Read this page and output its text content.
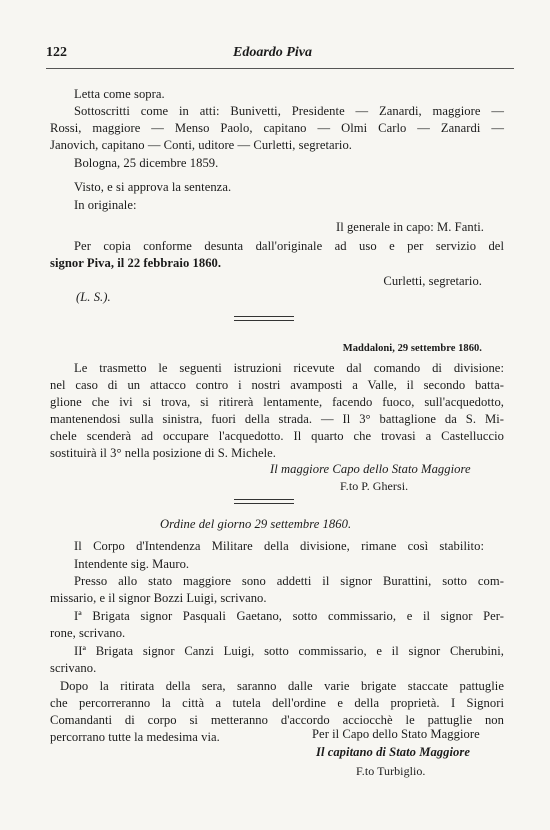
122	Edoardo Piva
Letta come sopra.
Sottoscritti come in atti: Bunivetti, Presidente — Zanardi, maggiore —
Rossi, maggiore — Menso Paolo, capitano — Olmi Carlo — Zanardi —
Janovich, capitano — Conti, uditore — Curletti, segretario.
Bologna, 25 dicembre 1859.
Visto, e si approva la sentenza.
In originale:
Il generale in capo: M. Fanti.
Per copia conforme desunta dall'originale ad uso e per servizio del
signor Piva, il 22 febbraio 1860.
Curletti, segretario.
(L. S.).
Maddaloni, 29 settembre 1860.
Le trasmetto le seguenti istruzioni ricevute dal comando di divisione:
nel caso di un attacco contro i nostri avamposti a Valle, il secondo batta-
glione che ivi si trova, si ritirerà lentamente, facendo fuoco, sull'acquedotto,
mantenendosi sulla sinistra, fuori della strada. — Il 3° battaglione da S. Mi-
chele scenderà ad occupare l'acquedotto. Il quarto che trovasi a Castelluccio
sostituirà il 3° nella posizione di S. Michele.
Il maggiore Capo dello Stato Maggiore
F.to P. Ghersi.
Ordine del giorno 29 settembre 1860.
Il Corpo d'Intendenza Militare della divisione, rimane così stabilito:
Intendente sig. Mauro.
Presso allo stato maggiore sono addetti il signor Burattini, sotto com-
missario, e il signor Bozzi Luigi, scrivano.
Iª Brigata signor Pasquali Gaetano, sotto commissario, e il signor Per-
rone, scrivano.
IIª Brigata signor Canzi Luigi, sotto commissario, e il signor Cherubini,
scrivano.
Dopo la ritirata della sera, saranno dalle varie brigate staccate pattuglie
che percorreranno la città a tutela dell'ordine e della proprietà. I Signori
Comandanti di corpo si metteranno d'accordo acciocchè le pattuglie non
percorrano tutte la medesima via.	Per il Capo dello Stato Maggiore
Il capitano di Stato Maggiore
F.to Turbiglio.
